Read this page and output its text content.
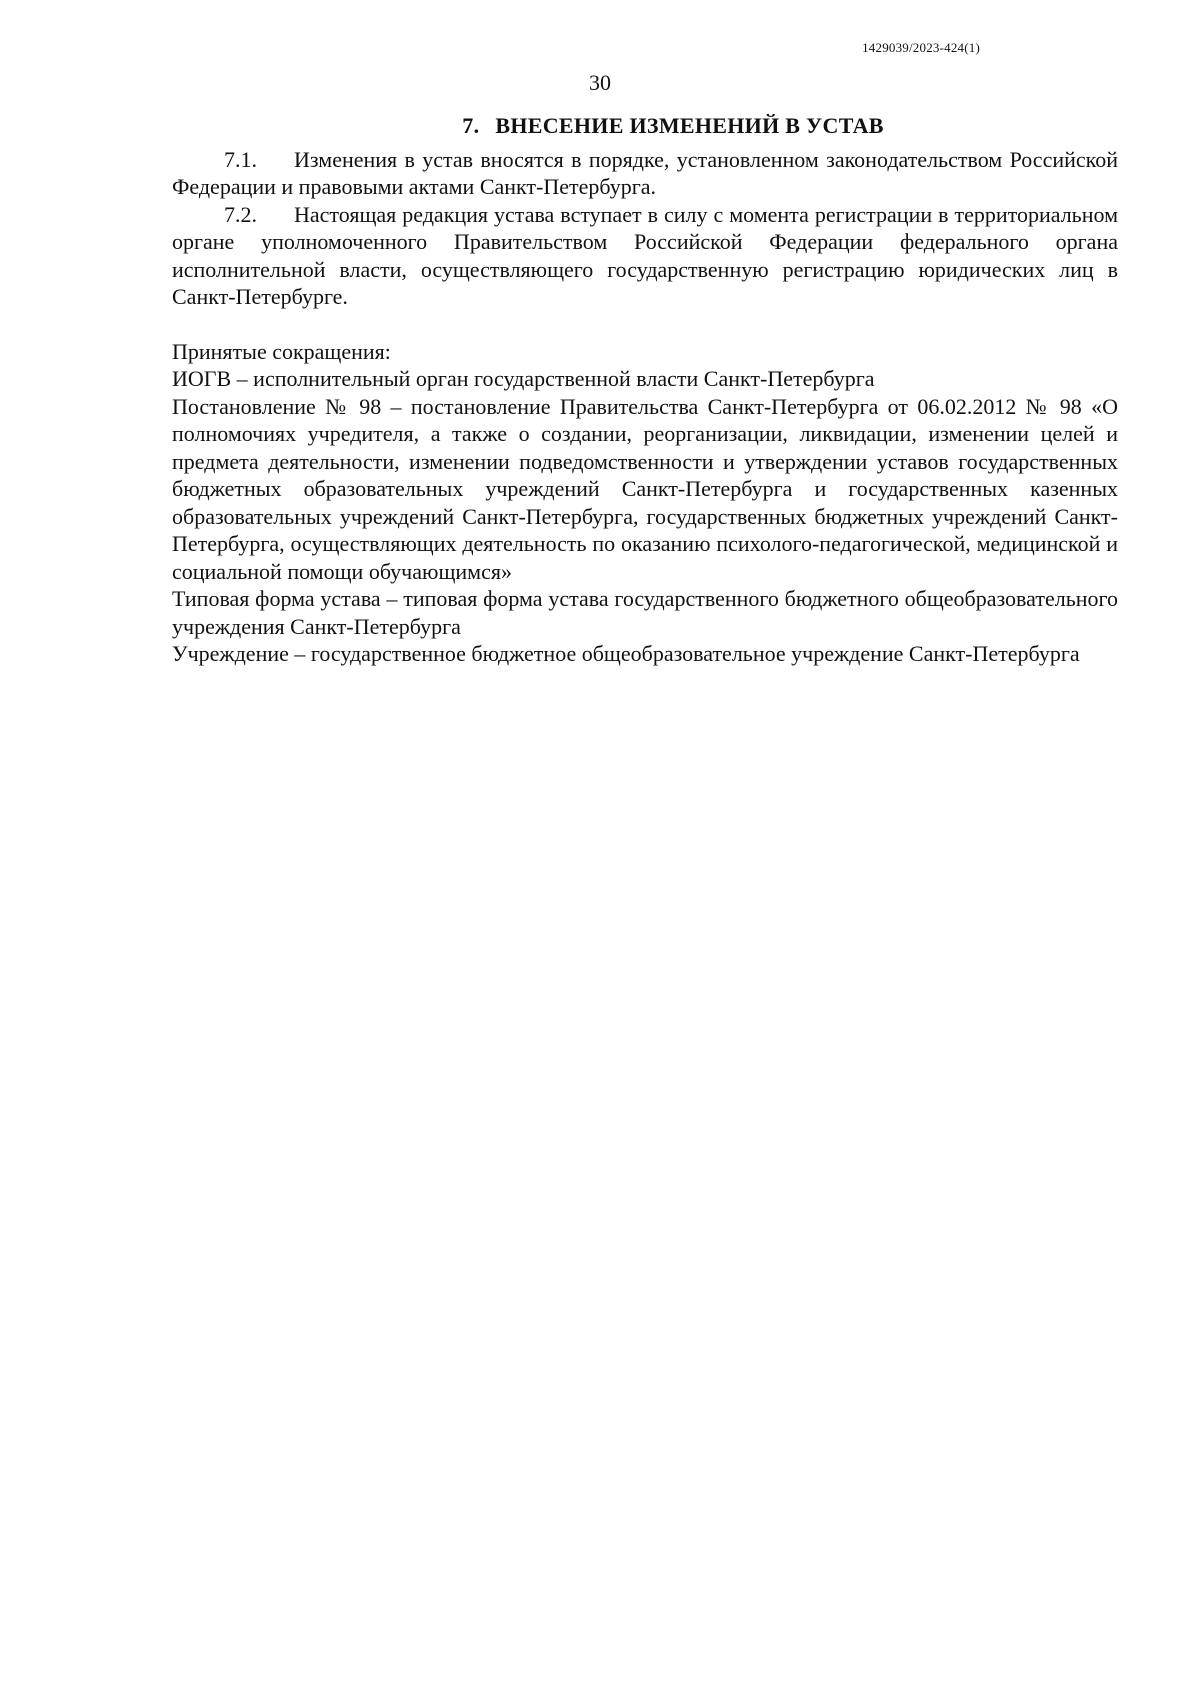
1429039/2023-424(1)
30
7. ВНЕСЕНИЕ ИЗМЕНЕНИЙ В УСТАВ

7.1. Изменения в устав вносятся в порядке, установленном законодательством Российской Федерации и правовыми актами Санкт-Петербурга.

7.2. Настоящая редакция устава вступает в силу с момента регистрации в территориальном органе уполномоченного Правительством Российской Федерации федерального органа исполнительной власти, осуществляющего государственную регистрацию юридических лиц в Санкт-Петербурге.

Принятые сокращения:

ИОГВ – исполнительный орган государственной власти Санкт-Петербурга

Постановление № 98 – постановление Правительства Санкт-Петербурга от 06.02.2012 № 98 «О полномочиях учредителя, а также о создании, реорганизации, ликвидации, изменении целей и предмета деятельности, изменении подведомственности и утверждении уставов государственных бюджетных образовательных учреждений Санкт-Петербурга и государственных казенных образовательных учреждений Санкт-Петербурга, государственных бюджетных учреждений Санкт-Петербурга, осуществляющих деятельность по оказанию психолого-педагогической, медицинской и социальной помощи обучающимся»

Типовая форма устава – типовая форма устава государственного бюджетного общеобразовательного учреждения Санкт-Петербурга

Учреждение – государственное бюджетное общеобразовательное учреждение Санкт-Петербурга
